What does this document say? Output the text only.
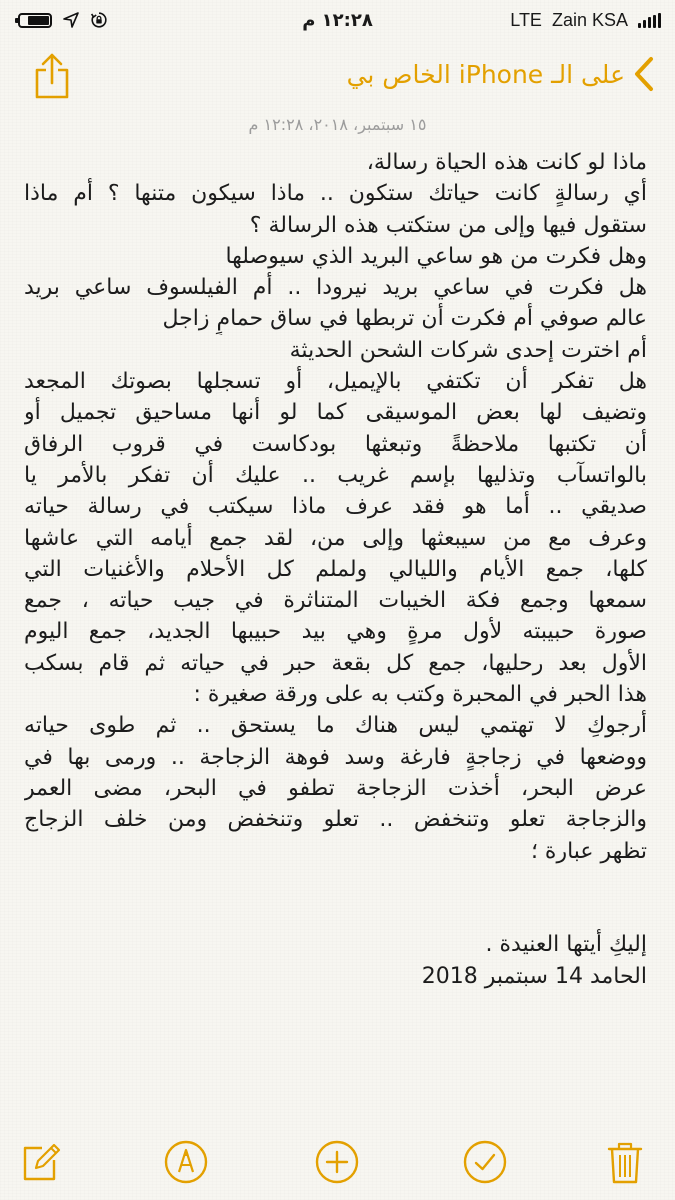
١٢:٢٨ م	LTE Zain KSA
على الـ iPhone الخاص بي
١٥ سبتمبر، ٢٠١٨، ١٢:٢٨ م
ماذا لو كانت هذه الحياة رسالة،
أي رسالةٍ كانت حياتك ستكون .. ماذا سيكون متنها ؟ أم ماذا
ستقول فيها وإلى من ستكتب هذه الرسالة ؟
وهل فكرت من هو ساعي البريد الذي سيوصلها
هل فكرت في ساعي بريد نيرودا .. أم الفيلسوف ساعي بريد
عالم صوفي أم فكرت أن تربطها في ساق حمامٍ زاجل
أم اخترت إحدى شركات الشحن الحديثة
هل تفكر أن تكتفي بالإيميل، أو تسجلها بصوتك المجعد
وتضيف لها بعض الموسيقى كما لو أنها مساحيق تجميل أو
أن تكتبها ملاحظةً وتبعثها بودكاست في قروب الرفاق
بالواتسآب وتذليها بإسم غريب .. عليك أن تفكر بالأمر يا
صديقي .. أما هو فقد عرف ماذا سيكتب في رسالة حياته
وعرف مع من سيبعثها وإلى من، لقد جمع أيامه التي عاشها
كلها، جمع الأيام والليالي ولملم كل الأحلام والأغنيات التي
سمعها وجمع فكة الخيبات المتناثرة في جيب حياته ، جمع
صورة حبيبته لأول مرةٍ وهي بيد حبيبها الجديد، جمع اليوم
الأول بعد رحليها، جمع كل بقعة حبر في حياته ثم قام بسكب
هذا الحبر في المحبرة وكتب به على ورقة صغيرة :
أرجوكِ لا تهتمي ليس هناك ما يستحق .. ثم طوى حياته
ووضعها في زجاجةٍ فارغة وسد فوهة الزجاجة .. ورمى بها في
عرض البحر، أخذت الزجاجة تطفو في البحر، مضى العمر
والزجاجة تعلو وتنخفض .. تعلو وتنخفض ومن خلف الزجاج
تظهر عبارة ؛
إليكِ أيتها العنيدة .
الحامد 14 سبتمبر 2018
